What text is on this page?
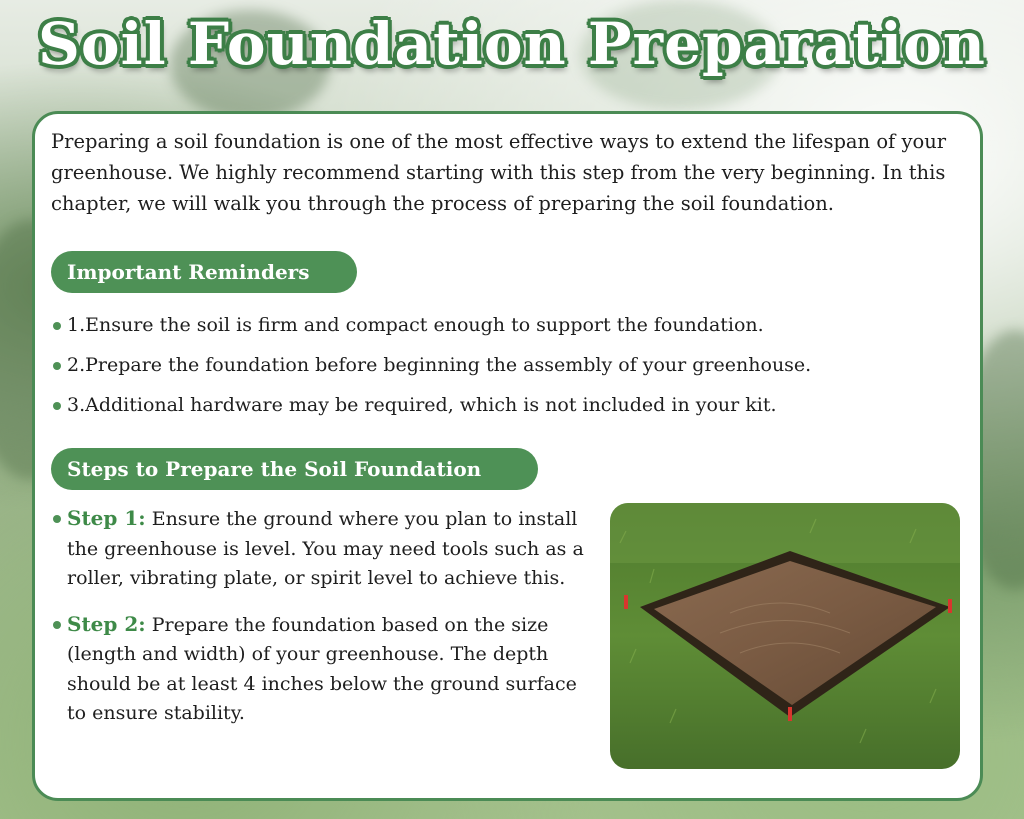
Soil Foundation Preparation

Preparing a soil foundation is one of the most effective ways to extend the lifespan of your greenhouse. We highly recommend starting with this step from the very beginning. In this chapter, we will walk you through the process of preparing the soil foundation.

Important Reminders
1.Ensure the soil is firm and compact enough to support the foundation.
2.Prepare the foundation before beginning the assembly of your greenhouse.
3.Additional hardware may be required, which is not included in your kit.
Steps to Prepare the Soil Foundation
Step 1: Ensure the ground where you plan to install the greenhouse is level. You may need tools such as a roller, vibrating plate, or spirit level to achieve this.
Step 2: Prepare the foundation based on the size (length and width) of your greenhouse. The depth should be at least 4 inches below the ground surface to ensure stability.
